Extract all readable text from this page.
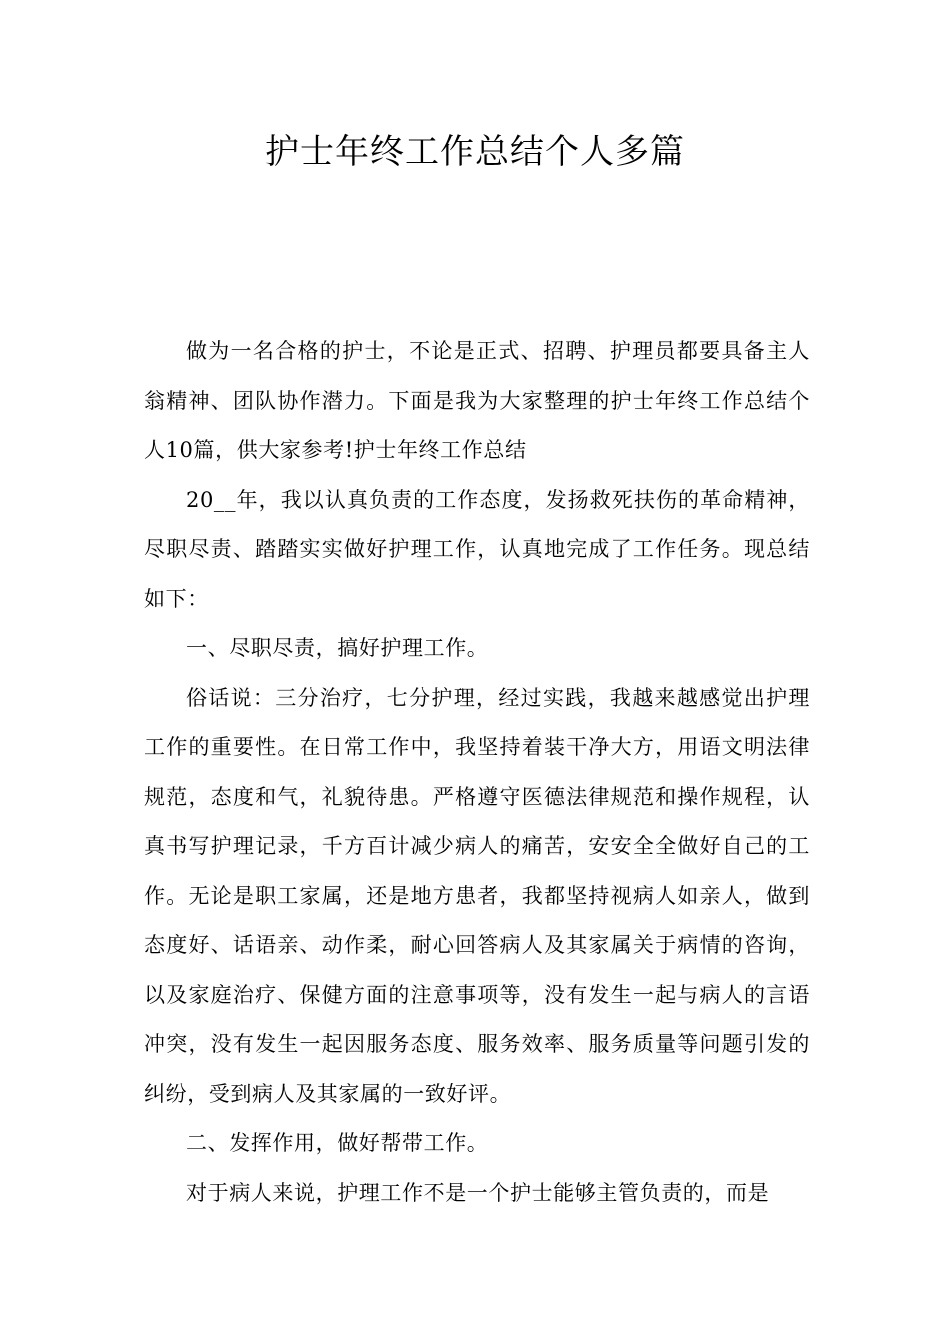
护士年终工作总结个人多篇

做为一名合格的护士，不论是正式、招聘、护理员都要具备主人翁精神、团队协作潜力。下面是我为大家整理的护士年终工作总结个人10篇，供大家参考!护士年终工作总结

20__年，我以认真负责的工作态度，发扬救死扶伤的革命精神，尽职尽责、踏踏实实做好护理工作，认真地完成了工作任务。现总结如下：

一、尽职尽责，搞好护理工作。

俗话说：三分治疗，七分护理，经过实践，我越来越感觉出护理工作的重要性。在日常工作中，我坚持着装干净大方，用语文明法律规范，态度和气，礼貌待患。严格遵守医德法律规范和操作规程，认真书写护理记录，千方百计减少病人的痛苦，安安全全做好自己的工作。无论是职工家属，还是地方患者，我都坚持视病人如亲人，做到态度好、话语亲、动作柔，耐心回答病人及其家属关于病情的咨询，以及家庭治疗、保健方面的注意事项等，没有发生一起与病人的言语冲突，没有发生一起因服务态度、服务效率、服务质量等问题引发的纠纷，受到病人及其家属的一致好评。

二、发挥作用，做好帮带工作。

对于病人来说，护理工作不是一个护士能够主管负责的，而是
